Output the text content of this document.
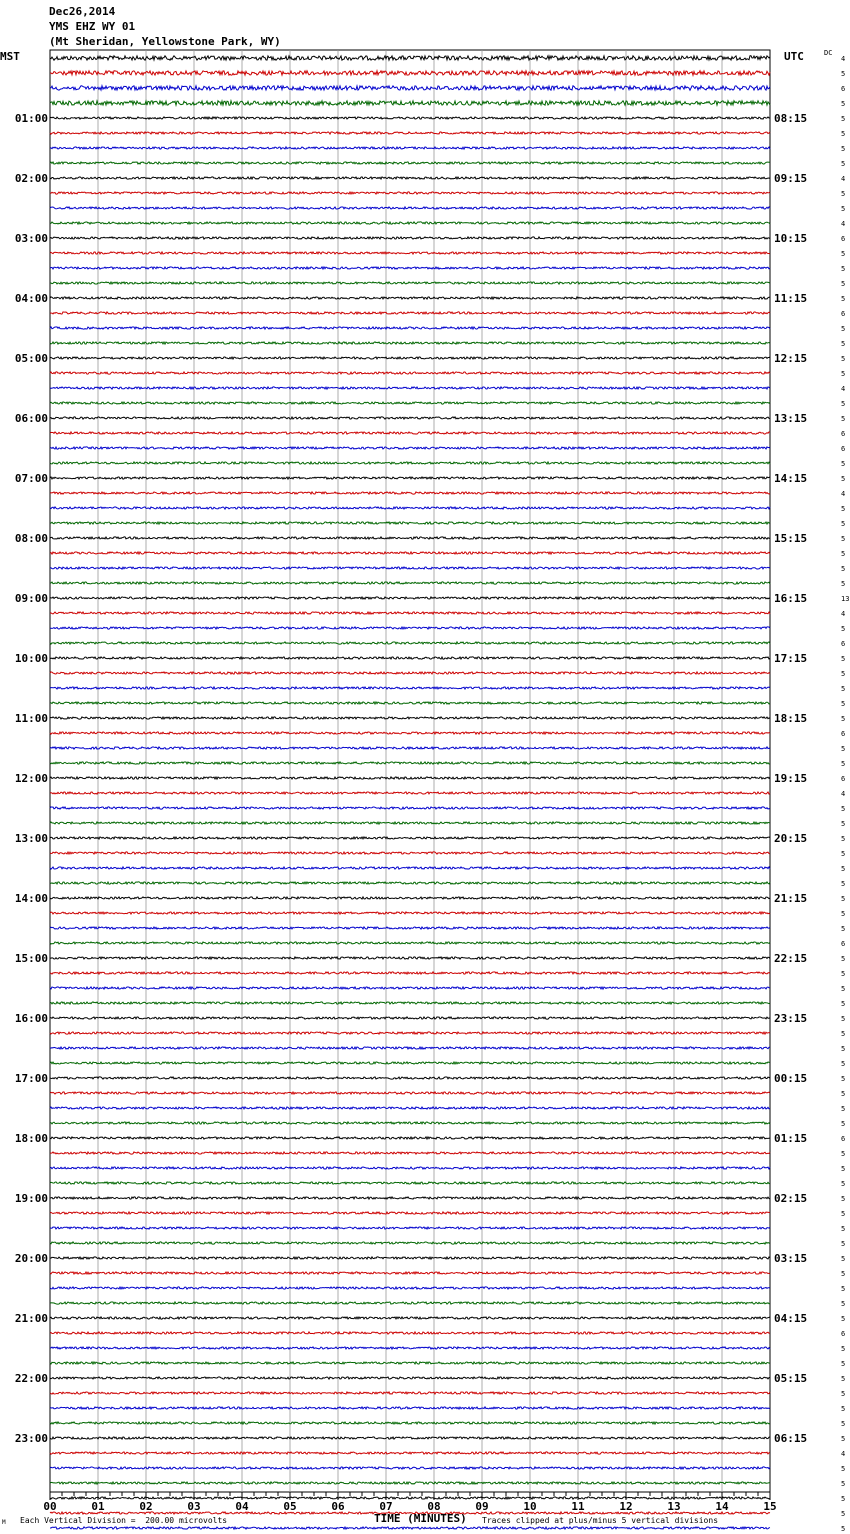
00	01	02	03	04	05	06	07	08	09	10	11	12	13	14	15
01:00
02:00
03:00
04:00
05:00
06:00
07:00
08:00
09:00
10:00
11:00
12:00
13:00
14:00
15:00
16:00
17:00
18:00
19:00
20:00
21:00
22:00
23:00
08:15
09:15
10:15
11:15
12:15
13:15
14:15
15:15
16:15
17:15
18:15
19:15
20:15
21:15
22:15
23:15
00:15
01:15
02:15
03:15
04:15
05:15
06:15
4
5
6
5
5
5
5
5
4
5
5
4
6
5
5
5
5
6
5
5
5
5
4
5
5
6
6
5
5
4
5
5
5
5
5
5
13
4
5
6
5
5
5
5
5
6
5
5
6
4
5
5
5
5
5
5
5
5
5
6
5
5
5
5
5
5
5
5
5
5
5
5
6
5
5
5
5
5
5
5
5
5
5
5
5
6
5
5
5
5
5
5
5
4
5
5
5
5
5
Dec26,2014
YMS EHZ WY 01
(Mt Sheridan, Yellowstone Park, WY)
MST	UTC	DC
Each Vertical Division =  200.00 microvolts	TIME (MINUTES) Traces clipped at plus/minus 5 vertical divisions
M
